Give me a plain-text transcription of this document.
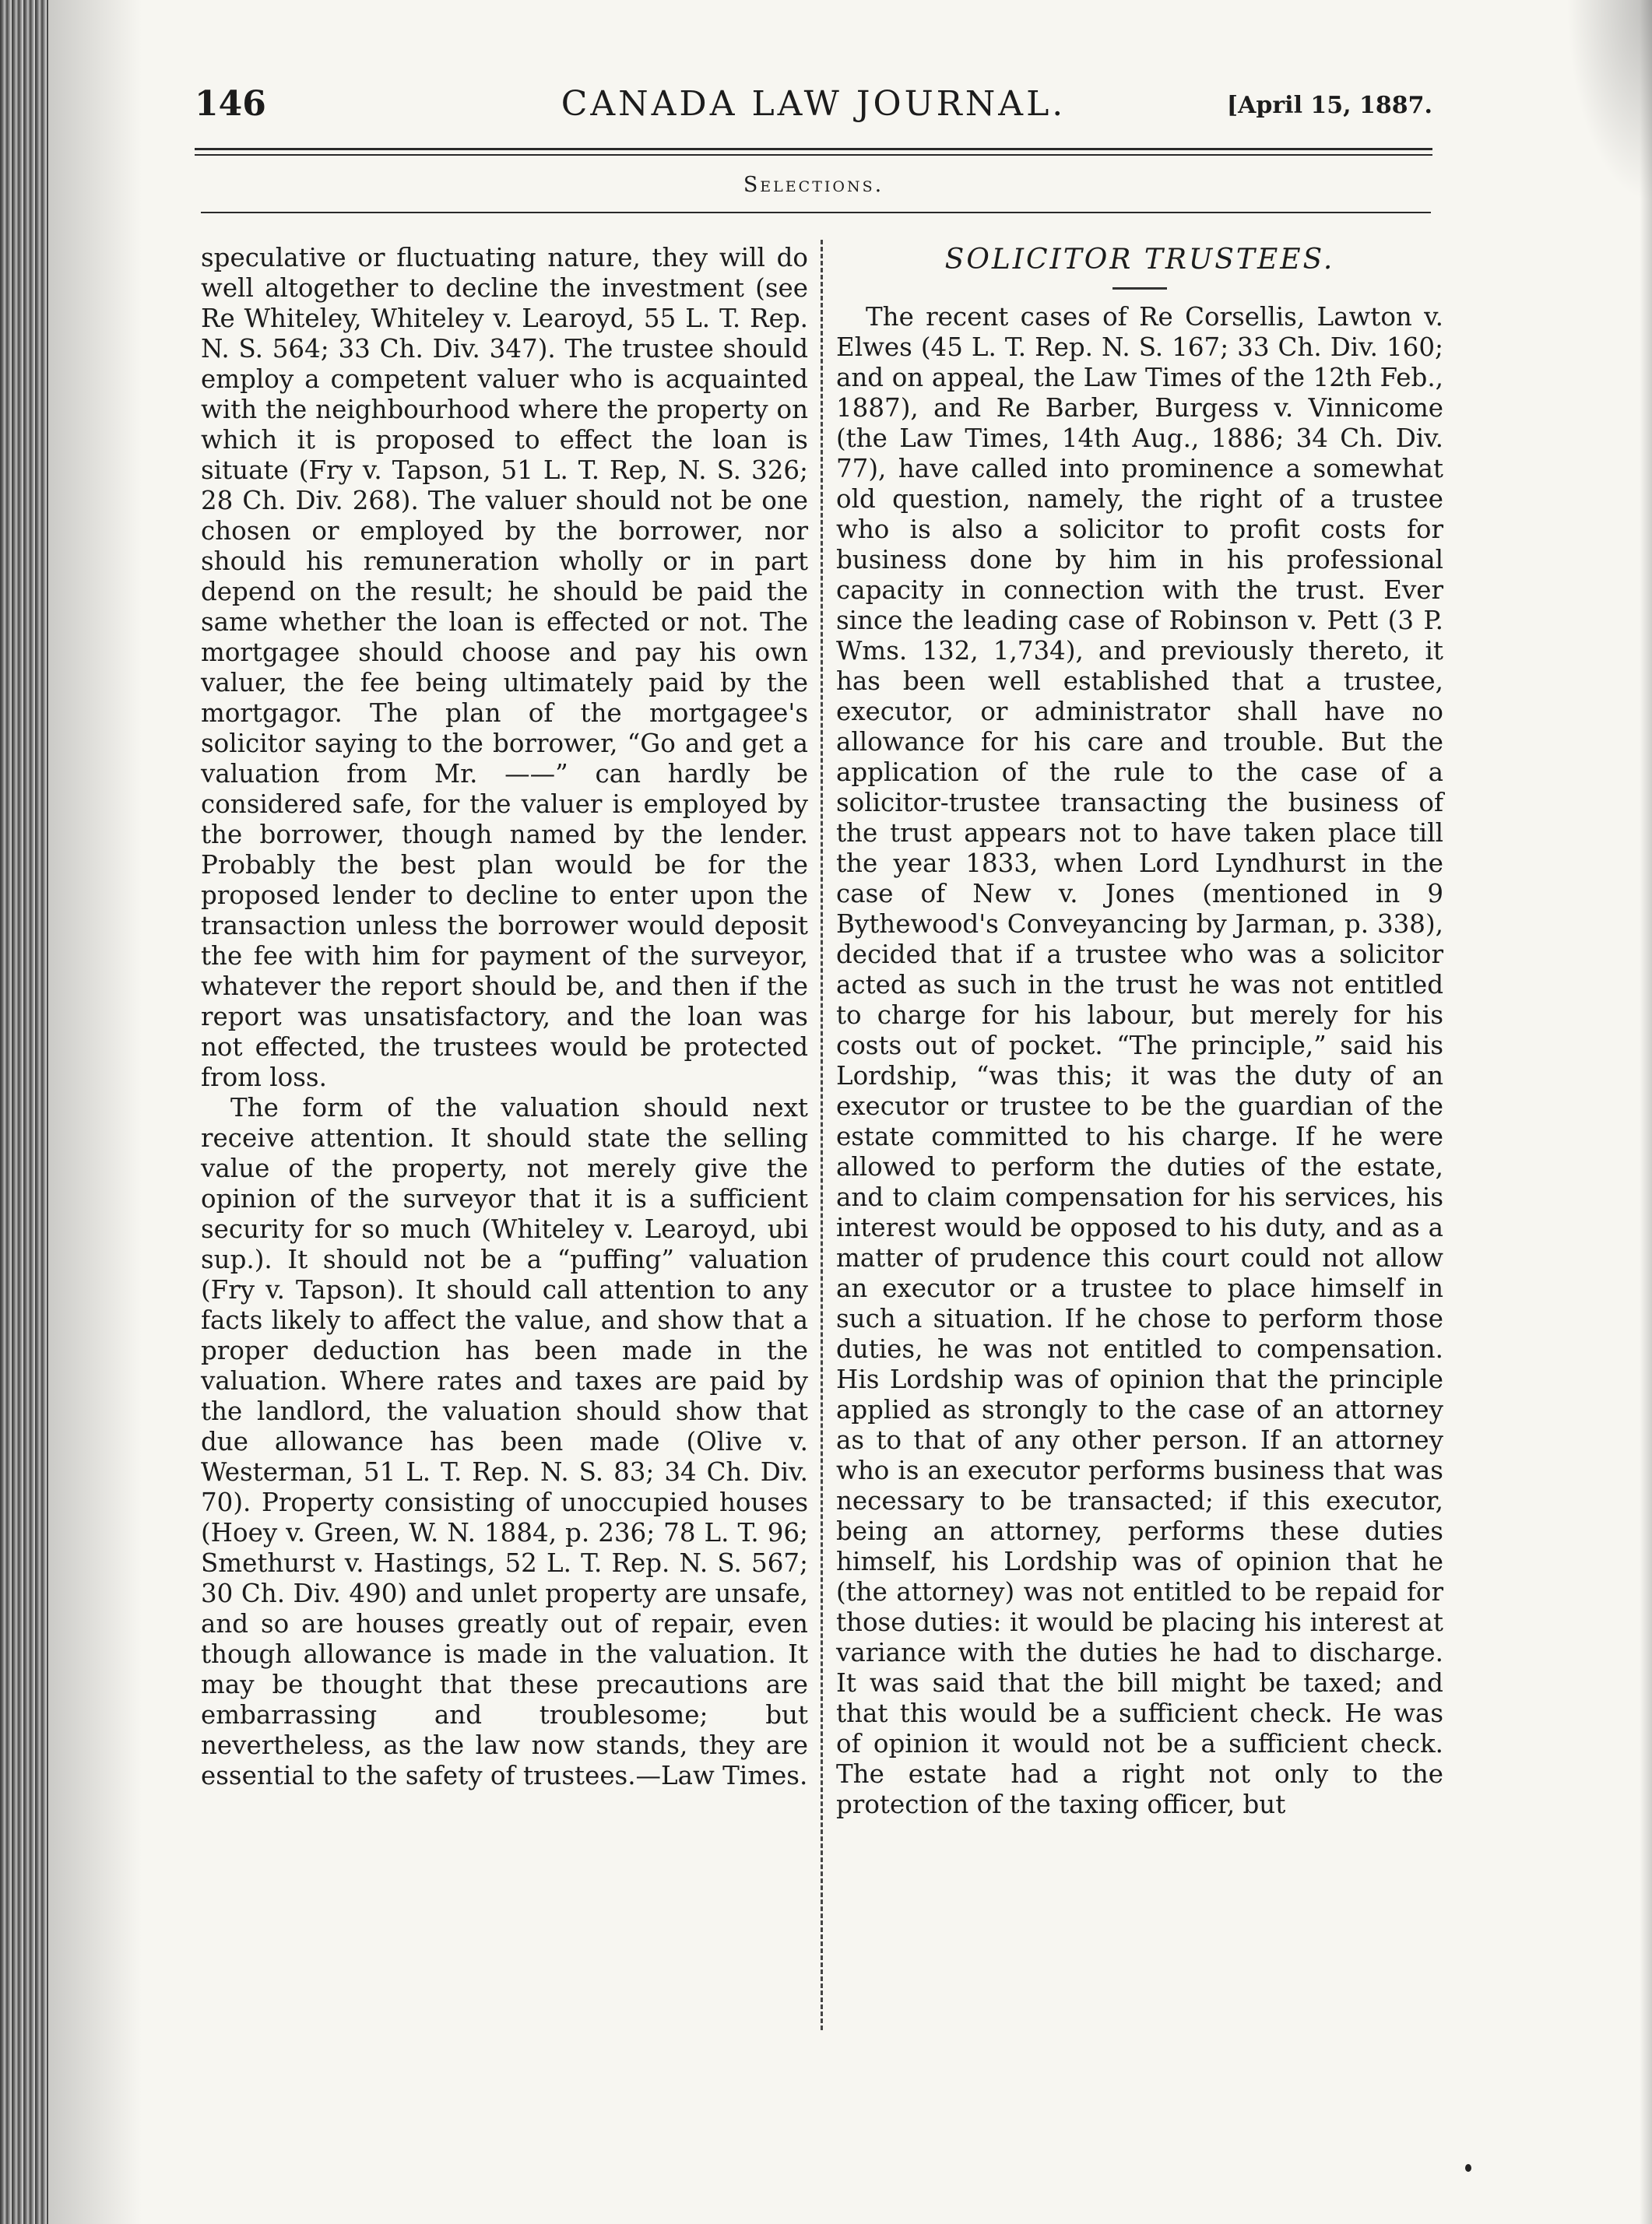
146	CANADA LAW JOURNAL.	[April 15, 1887.
Selections.

speculative or fluctuating nature, they will do well altogether to decline the investment (see Re Whiteley, Whiteley v. Learoyd, 55 L. T. Rep. N. S. 564; 33 Ch. Div. 347). The trustee should employ a competent valuer who is acquainted with the neighbourhood where the property on which it is proposed to effect the loan is situate (Fry v. Tapson, 51 L. T. Rep, N. S. 326; 28 Ch. Div. 268). The valuer should not be one chosen or employed by the borrower, nor should his remuneration wholly or in part depend on the result; he should be paid the same whether the loan is effected or not. The mortgagee should choose and pay his own valuer, the fee being ultimately paid by the mortgagor. The plan of the mortgagee's solicitor saying to the borrower, “Go and get a valuation from Mr. ——” can hardly be considered safe, for the valuer is employed by the borrower, though named by the lender. Probably the best plan would be for the proposed lender to decline to enter upon the transaction unless the borrower would deposit the fee with him for payment of the surveyor, whatever the report should be, and then if the report was unsatisfactory, and the loan was not effected, the trustees would be protected from loss.

The form of the valuation should next receive attention. It should state the selling value of the property, not merely give the opinion of the surveyor that it is a sufficient security for so much (Whiteley v. Learoyd, ubi sup.). It should not be a “puffing” valuation (Fry v. Tapson). It should call attention to any facts likely to affect the value, and show that a proper deduction has been made in the valuation. Where rates and taxes are paid by the landlord, the valuation should show that due allowance has been made (Olive v. Westerman, 51 L. T. Rep. N. S. 83; 34 Ch. Div. 70). Property consisting of unoccupied houses (Hoey v. Green, W. N. 1884, p. 236; 78 L. T. 96; Smethurst v. Hastings, 52 L. T. Rep. N. S. 567; 30 Ch. Div. 490) and unlet property are unsafe, and so are houses greatly out of repair, even though allowance is made in the valuation. It may be thought that these precautions are embarrassing and troublesome; but nevertheless, as the law now stands, they are essential to the safety of trustees.—Law Times.

SOLICITOR TRUSTEES.

The recent cases of Re Corsellis, Lawton v. Elwes (45 L. T. Rep. N. S. 167; 33 Ch. Div. 160; and on appeal, the Law Times of the 12th Feb., 1887), and Re Barber, Burgess v. Vinnicome (the Law Times, 14th Aug., 1886; 34 Ch. Div. 77), have called into prominence a somewhat old question, namely, the right of a trustee who is also a solicitor to profit costs for business done by him in his professional capacity in connection with the trust. Ever since the leading case of Robinson v. Pett (3 P. Wms. 132, 1,734), and previously thereto, it has been well established that a trustee, executor, or administrator shall have no allowance for his care and trouble. But the application of the rule to the case of a solicitor-trustee transacting the business of the trust appears not to have taken place till the year 1833, when Lord Lyndhurst in the case of New v. Jones (mentioned in 9 Bythewood's Conveyancing by Jarman, p. 338), decided that if a trustee who was a solicitor acted as such in the trust he was not entitled to charge for his labour, but merely for his costs out of pocket. “The principle,” said his Lordship, “was this; it was the duty of an executor or trustee to be the guardian of the estate committed to his charge. If he were allowed to perform the duties of the estate, and to claim compensation for his services, his interest would be opposed to his duty, and as a matter of prudence this court could not allow an executor or a trustee to place himself in such a situation. If he chose to perform those duties, he was not entitled to compensation. His Lordship was of opinion that the principle applied as strongly to the case of an attorney as to that of any other person. If an attorney who is an executor performs business that was necessary to be transacted; if this executor, being an attorney, performs these duties himself, his Lordship was of opinion that he (the attorney) was not entitled to be repaid for those duties: it would be placing his interest at variance with the duties he had to discharge. It was said that the bill might be taxed; and that this would be a sufficient check. He was of opinion it would not be a sufficient check. The estate had a right not only to the protection of the taxing officer, but
